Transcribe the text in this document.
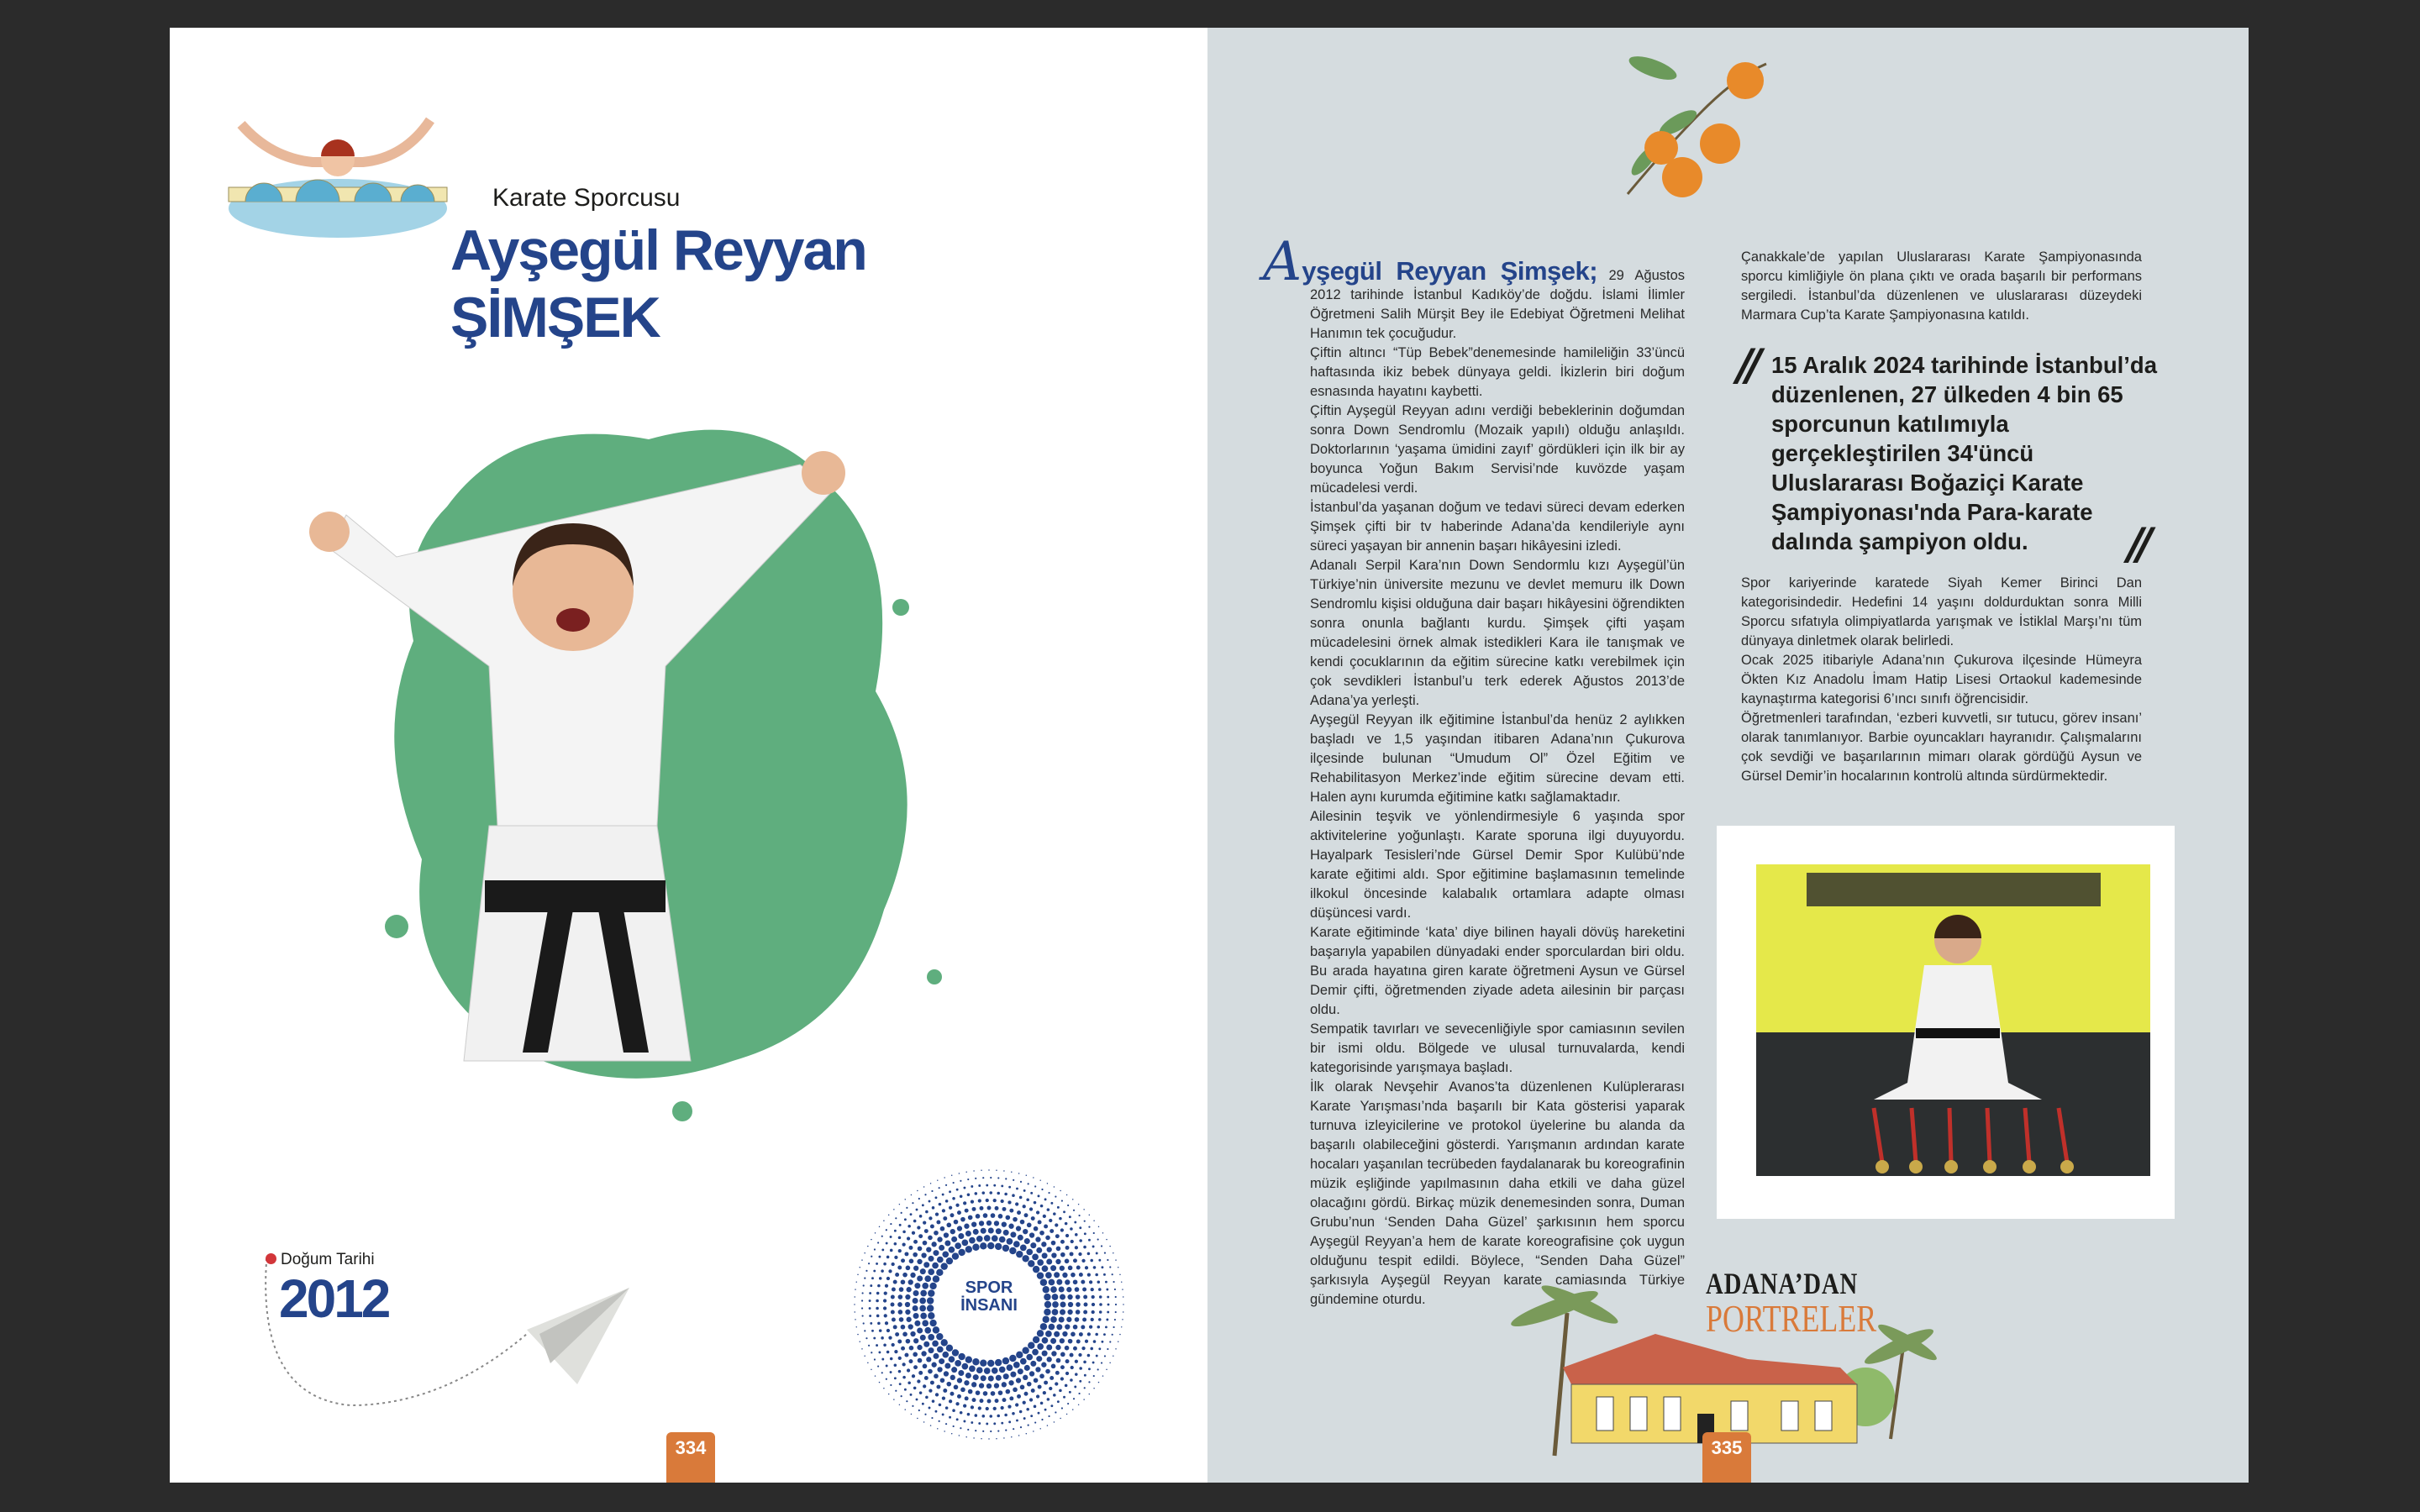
Karate Sporcusu
Ayşegül Reyyan
ŞİMŞEK
Doğum Tarihi
2012	SPOR
İNSANI
334

Ayşegül Reyyan Şimşek; 29 Ağustos 2012 tarihinde İstanbul Kadıköy’de doğdu. İslami İlimler Öğretmeni Salih Mürşit Bey ile Edebiyat Öğretmeni Melihat Hanımın tek çocuğudur.

Çiftin altıncı “Tüp Bebek”denemesinde hamileliğin 33’üncü haftasında ikiz bebek dünyaya geldi. İkizlerin biri doğum esnasında hayatını kaybetti.

Çiftin Ayşegül Reyyan adını verdiği bebeklerinin doğumdan sonra Down Sendromlu (Mozaik yapılı) olduğu anlaşıldı. Doktorlarının ‘yaşama ümidini zayıf’ gördükleri için ilk bir ay boyunca Yoğun Bakım Servisi’nde kuvözde yaşam mücadelesi verdi.

İstanbul’da yaşanan doğum ve tedavi süreci devam ederken Şimşek çifti bir tv haberinde Adana’da kendileriyle aynı süreci yaşayan bir annenin başarı hikâyesini izledi.

Adanalı Serpil Kara’nın Down Sendormlu kızı Ayşegül’ün Türkiye’nin üniversite mezunu ve devlet memuru ilk Down Sendromlu kişisi olduğuna dair başarı hikâyesini öğrendikten sonra onunla bağlantı kurdu. Şimşek çifti yaşam mücadelesini örnek almak istedikleri Kara ile tanışmak ve kendi çocuklarının da eğitim sürecine katkı verebilmek için çok sevdikleri İstanbul’u terk ederek Ağustos 2013’de Adana’ya yerleşti.

Ayşegül Reyyan ilk eğitimine İstanbul’da henüz 2 aylıkken başladı ve 1,5 yaşından itibaren Adana’nın Çukurova ilçesinde bulunan “Umudum Ol” Özel Eğitim ve Rehabilitasyon Merkez’inde eğitim sürecine devam etti. Halen aynı kurumda eğitimine katkı sağlamaktadır.

Ailesinin teşvik ve yönlendirmesiyle 6 yaşında spor aktivitelerine yoğunlaştı. Karate sporuna ilgi duyuyordu. Hayalpark Tesisleri’nde Gürsel Demir Spor Kulübü’nde karate eğitimi aldı. Spor eğitimine başlamasının temelinde ilkokul öncesinde kalabalık ortamlara adapte olması düşüncesi vardı.

Karate eğitiminde ‘kata’ diye bilinen hayali dövüş hareketini başarıyla yapabilen dünyadaki ender sporculardan biri oldu. Bu arada hayatına giren karate öğretmeni Aysun ve Gürsel Demir çifti, öğretmenden ziyade adeta ailesinin bir parçası oldu.

Sempatik tavırları ve sevecenliğiyle spor camiasının sevilen bir ismi oldu. Bölgede ve ulusal turnuvalarda, kendi kategorisinde yarışmaya başladı.

İlk olarak Nevşehir Avanos’ta düzenlenen Kulüplerarası Karate Yarışması’nda başarılı bir Kata gösterisi yaparak turnuva izleyicilerine ve protokol üyelerine bu alanda da başarılı olabileceğini gösterdi. Yarışmanın ardından karate hocaları yaşanılan tecrübeden faydalanarak bu koreografinin müzik eşliğinde yapılmasının daha etkili ve daha güzel olacağını gördü. Birkaç müzik denemesinden sonra, Duman Grubu’nun ‘Senden Daha Güzel’ şarkısının hem sporcu Ayşegül Reyyan’a hem de karate koreografisine çok uygun olduğunu tespit edildi. Böylece, “Senden Daha Güzel” şarkısıyla Ayşegül Reyyan karate camiasında Türkiye gündemine oturdu.

Çanakkale’de yapılan Uluslararası Karate Şampiyonasında sporcu kimliğiyle ön plana çıktı ve orada başarılı bir performans sergiledi. İstanbul’da düzenlenen ve uluslararası düzeydeki Marmara Cup’ta Karate Şampiyonasına katıldı.

// 15 Aralık 2024 tarihinde İstanbul’da düzenlenen, 27 ülkeden 4 bin 65 sporcunun katılımıyla gerçekleştirilen 34'üncü Uluslararası Boğaziçi Karate Şampiyonası'nda Para-karate dalında şampiyon oldu.	//

Spor kariyerinde karatede Siyah Kemer Birinci Dan kategorisindedir. Hedefini 14 yaşını doldurduktan sonra Milli Sporcu sıfatıyla olimpiyatlarda yarışmak ve İstiklal Marşı’nı tüm dünyaya dinletmek olarak belirledi.

Ocak 2025 itibariyle Adana’nın Çukurova ilçesinde Hümeyra Ökten Kız Anadolu İmam Hatip Lisesi Ortaokul kademesinde kaynaştırma kategorisi 6’ıncı sınıfı öğrencisidir.

Öğretmenleri tarafından, ‘ezberi kuvvetli, sır tutucu, görev insanı’ olarak tanımlanıyor. Barbie oyuncakları hayranıdır. Çalışmalarını çok sevdiği ve başarılarının mimarı olarak gördüğü Aysun ve Gürsel Demir’in hocalarının kontrolü altında sürdürmektedir.

ADANA’DAN
PORTRELER
335
